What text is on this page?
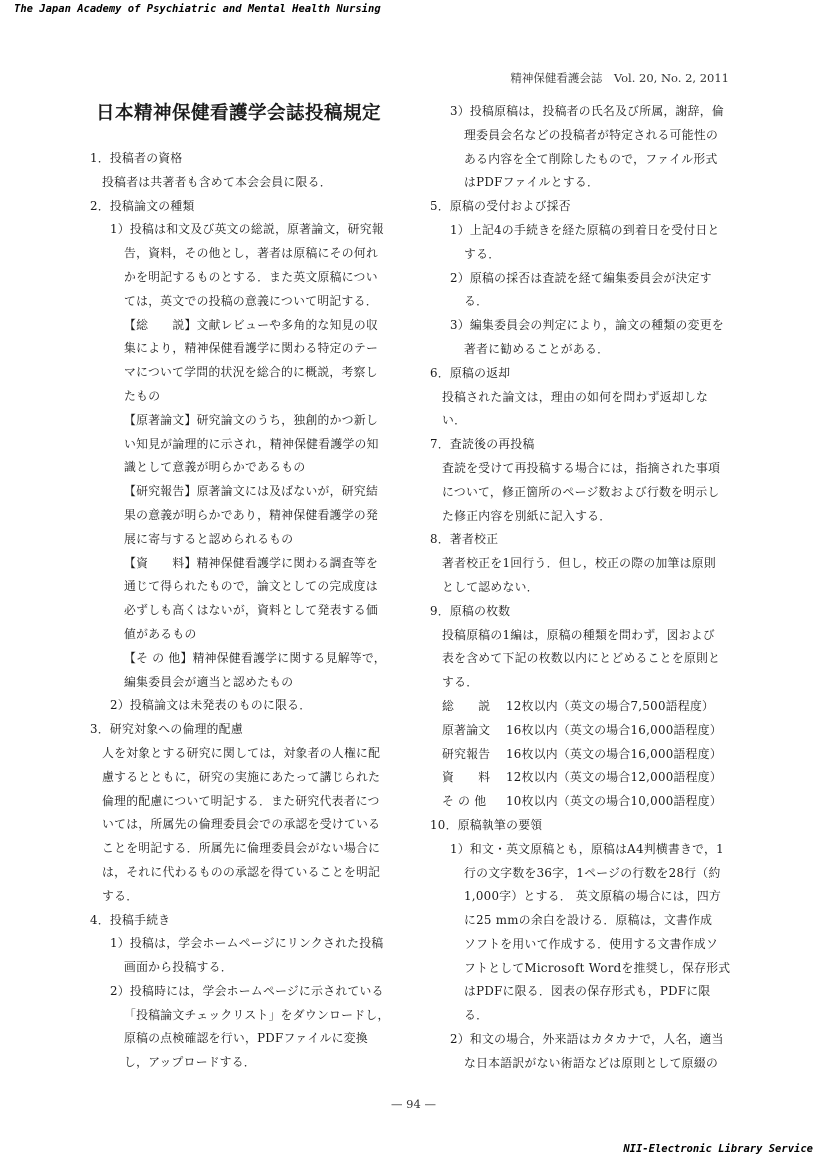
The Japan Academy of Psychiatric and Mental Health Nursing
精神保健看護会誌　Vol. 20, No. 2, 2011
日本精神保健看護学会誌投稿規定
1．投稿者の資格
投稿者は共著者も含めて本会会員に限る．
2．投稿論文の種類
1）投稿は和文及び英文の総説，原著論文，研究報
告，資料，その他とし，著者は原稿にその何れ
かを明記するものとする．また英文原稿につい
ては，英文での投稿の意義について明記する．
【総　　説】文献レビューや多角的な知見の収
集により，精神保健看護学に関わる特定のテー
マについて学問的状況を総合的に概説，考察し
たもの
【原著論文】研究論文のうち，独創的かつ新し
い知見が論理的に示され，精神保健看護学の知
識として意義が明らかであるもの
【研究報告】原著論文には及ばないが，研究結
果の意義が明らかであり，精神保健看護学の発
展に寄与すると認められるもの
【資　　料】精神保健看護学に関わる調査等を
通じて得られたもので，論文としての完成度は
必ずしも高くはないが，資料として発表する価
値があるもの
【そ の 他】精神保健看護学に関する見解等で，
編集委員会が適当と認めたもの
2）投稿論文は未発表のものに限る．
3．研究対象への倫理的配慮
人を対象とする研究に関しては，対象者の人権に配
慮するとともに，研究の実施にあたって講じられた
倫理的配慮について明記する．また研究代表者につ
いては，所属先の倫理委員会での承認を受けている
ことを明記する．所属先に倫理委員会がない場合に
は，それに代わるものの承認を得ていることを明記
する．
4．投稿手続き
1）投稿は，学会ホームページにリンクされた投稿
画面から投稿する．
2）投稿時には，学会ホームページに示されている
「投稿論文チェックリスト」をダウンロードし，
原稿の点検確認を行い，PDFファイルに変換
し，アップロードする．
3）投稿原稿は，投稿者の氏名及び所属，謝辞，倫
理委員会名などの投稿者が特定される可能性の
ある内容を全て削除したもので，ファイル形式
はPDFファイルとする．
5．原稿の受付および採否
1）上記4の手続きを経た原稿の到着日を受付日と
する．
2）原稿の採否は査読を経て編集委員会が決定す
る．
3）編集委員会の判定により，論文の種類の変更を
著者に勧めることがある．
6．原稿の返却
投稿された論文は，理由の如何を問わず返却しな
い．
7．査読後の再投稿
査読を受けて再投稿する場合には，指摘された事項
について，修正箇所のページ数および行数を明示し
た修正内容を別紙に記入する．
8．著者校正
著者校正を1回行う．但し，校正の際の加筆は原則
として認めない．
9．原稿の枚数
投稿原稿の1編は，原稿の種類を問わず，図および
表を含めて下記の枚数以内にとどめることを原則と
する．
総　　説	12枚以内（英文の場合7,500語程度）
原著論文	16枚以内（英文の場合16,000語程度）
研究報告	16枚以内（英文の場合16,000語程度）
資　　料	12枚以内（英文の場合12,000語程度）
そ の 他	10枚以内（英文の場合10,000語程度）
10．原稿執筆の要領
1）和文・英文原稿とも，原稿はA4判横書きで，1
行の文字数を36字，1ページの行数を28行（約
1,000字）とする． 英文原稿の場合には，四方
に25 mmの余白を設ける．原稿は，文書作成
ソフトを用いて作成する．使用する文書作成ソ
フトとしてMicrosoft Wordを推奨し，保存形式
はPDFに限る．図表の保存形式も，PDFに限
る．
2）和文の場合，外来語はカタカナで，人名，適当
な日本語訳がない術語などは原則として原綴の
— 94 —
NII-Electronic Library Service
